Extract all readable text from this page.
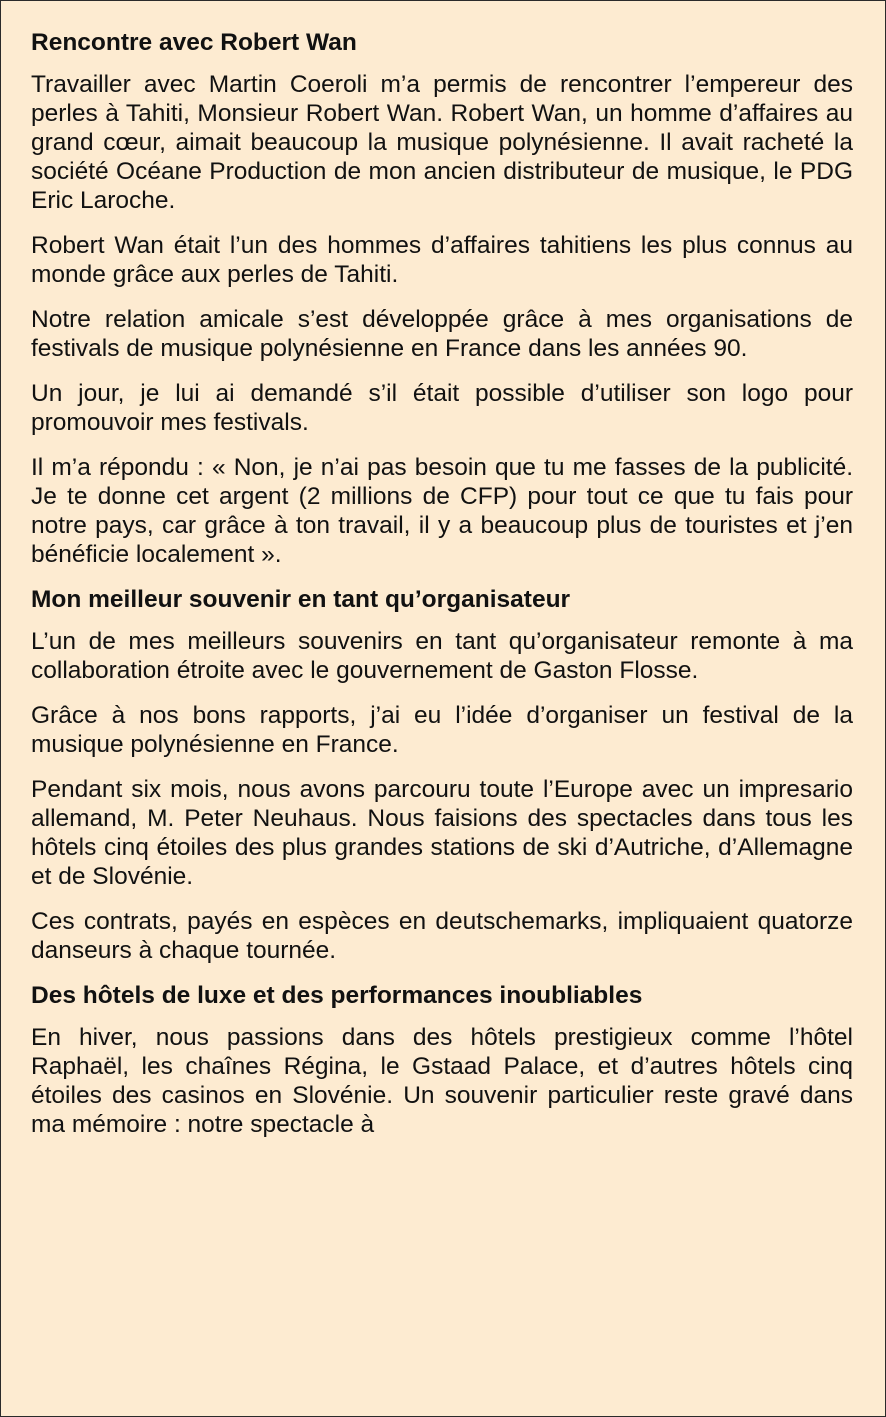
Rencontre avec Robert Wan

Travailler avec Martin Coeroli m’a permis de rencontrer l’empereur des perles à Tahiti, Monsieur Robert Wan. Robert Wan, un homme d’affaires au grand cœur, aimait beaucoup la musique polynésienne. Il avait racheté la société Océane Production de mon ancien distributeur de musique, le PDG Eric Laroche.

Robert Wan était l’un des hommes d’affaires tahitiens les plus connus au monde grâce aux perles de Tahiti.

Notre relation amicale s’est développée grâce à mes organisations de festivals de musique polynésienne en France dans les années 90.

Un jour, je lui ai demandé s’il était possible d’utiliser son logo pour promouvoir mes festivals.

Il m’a répondu : « Non, je n’ai pas besoin que tu me fasses de la publicité. Je te donne cet argent (2 millions de CFP) pour tout ce que tu fais pour notre pays, car grâce à ton travail, il y a beaucoup plus de touristes et j’en bénéficie localement ».

Mon meilleur souvenir en tant qu’organisateur

L’un de mes meilleurs souvenirs en tant qu’organisateur remonte à ma collaboration étroite avec le gouvernement de Gaston Flosse.

Grâce à nos bons rapports, j’ai eu l’idée d’organiser un festival de la musique polynésienne en France.

Pendant six mois, nous avons parcouru toute l’Europe avec un impresario allemand, M. Peter Neuhaus. Nous faisions des spectacles dans tous les hôtels cinq étoiles des plus grandes stations de ski d’Autriche, d’Allemagne et de Slovénie.

Ces contrats, payés en espèces en deutschemarks, impliquaient quatorze danseurs à chaque tournée.

Des hôtels de luxe et des performances inoubliables

En hiver, nous passions dans des hôtels prestigieux comme l’hôtel Raphaël, les chaînes Régina, le Gstaad Palace, et d’autres hôtels cinq étoiles des casinos en Slovénie. Un souvenir particulier reste gravé dans ma mémoire : notre spectacle à
